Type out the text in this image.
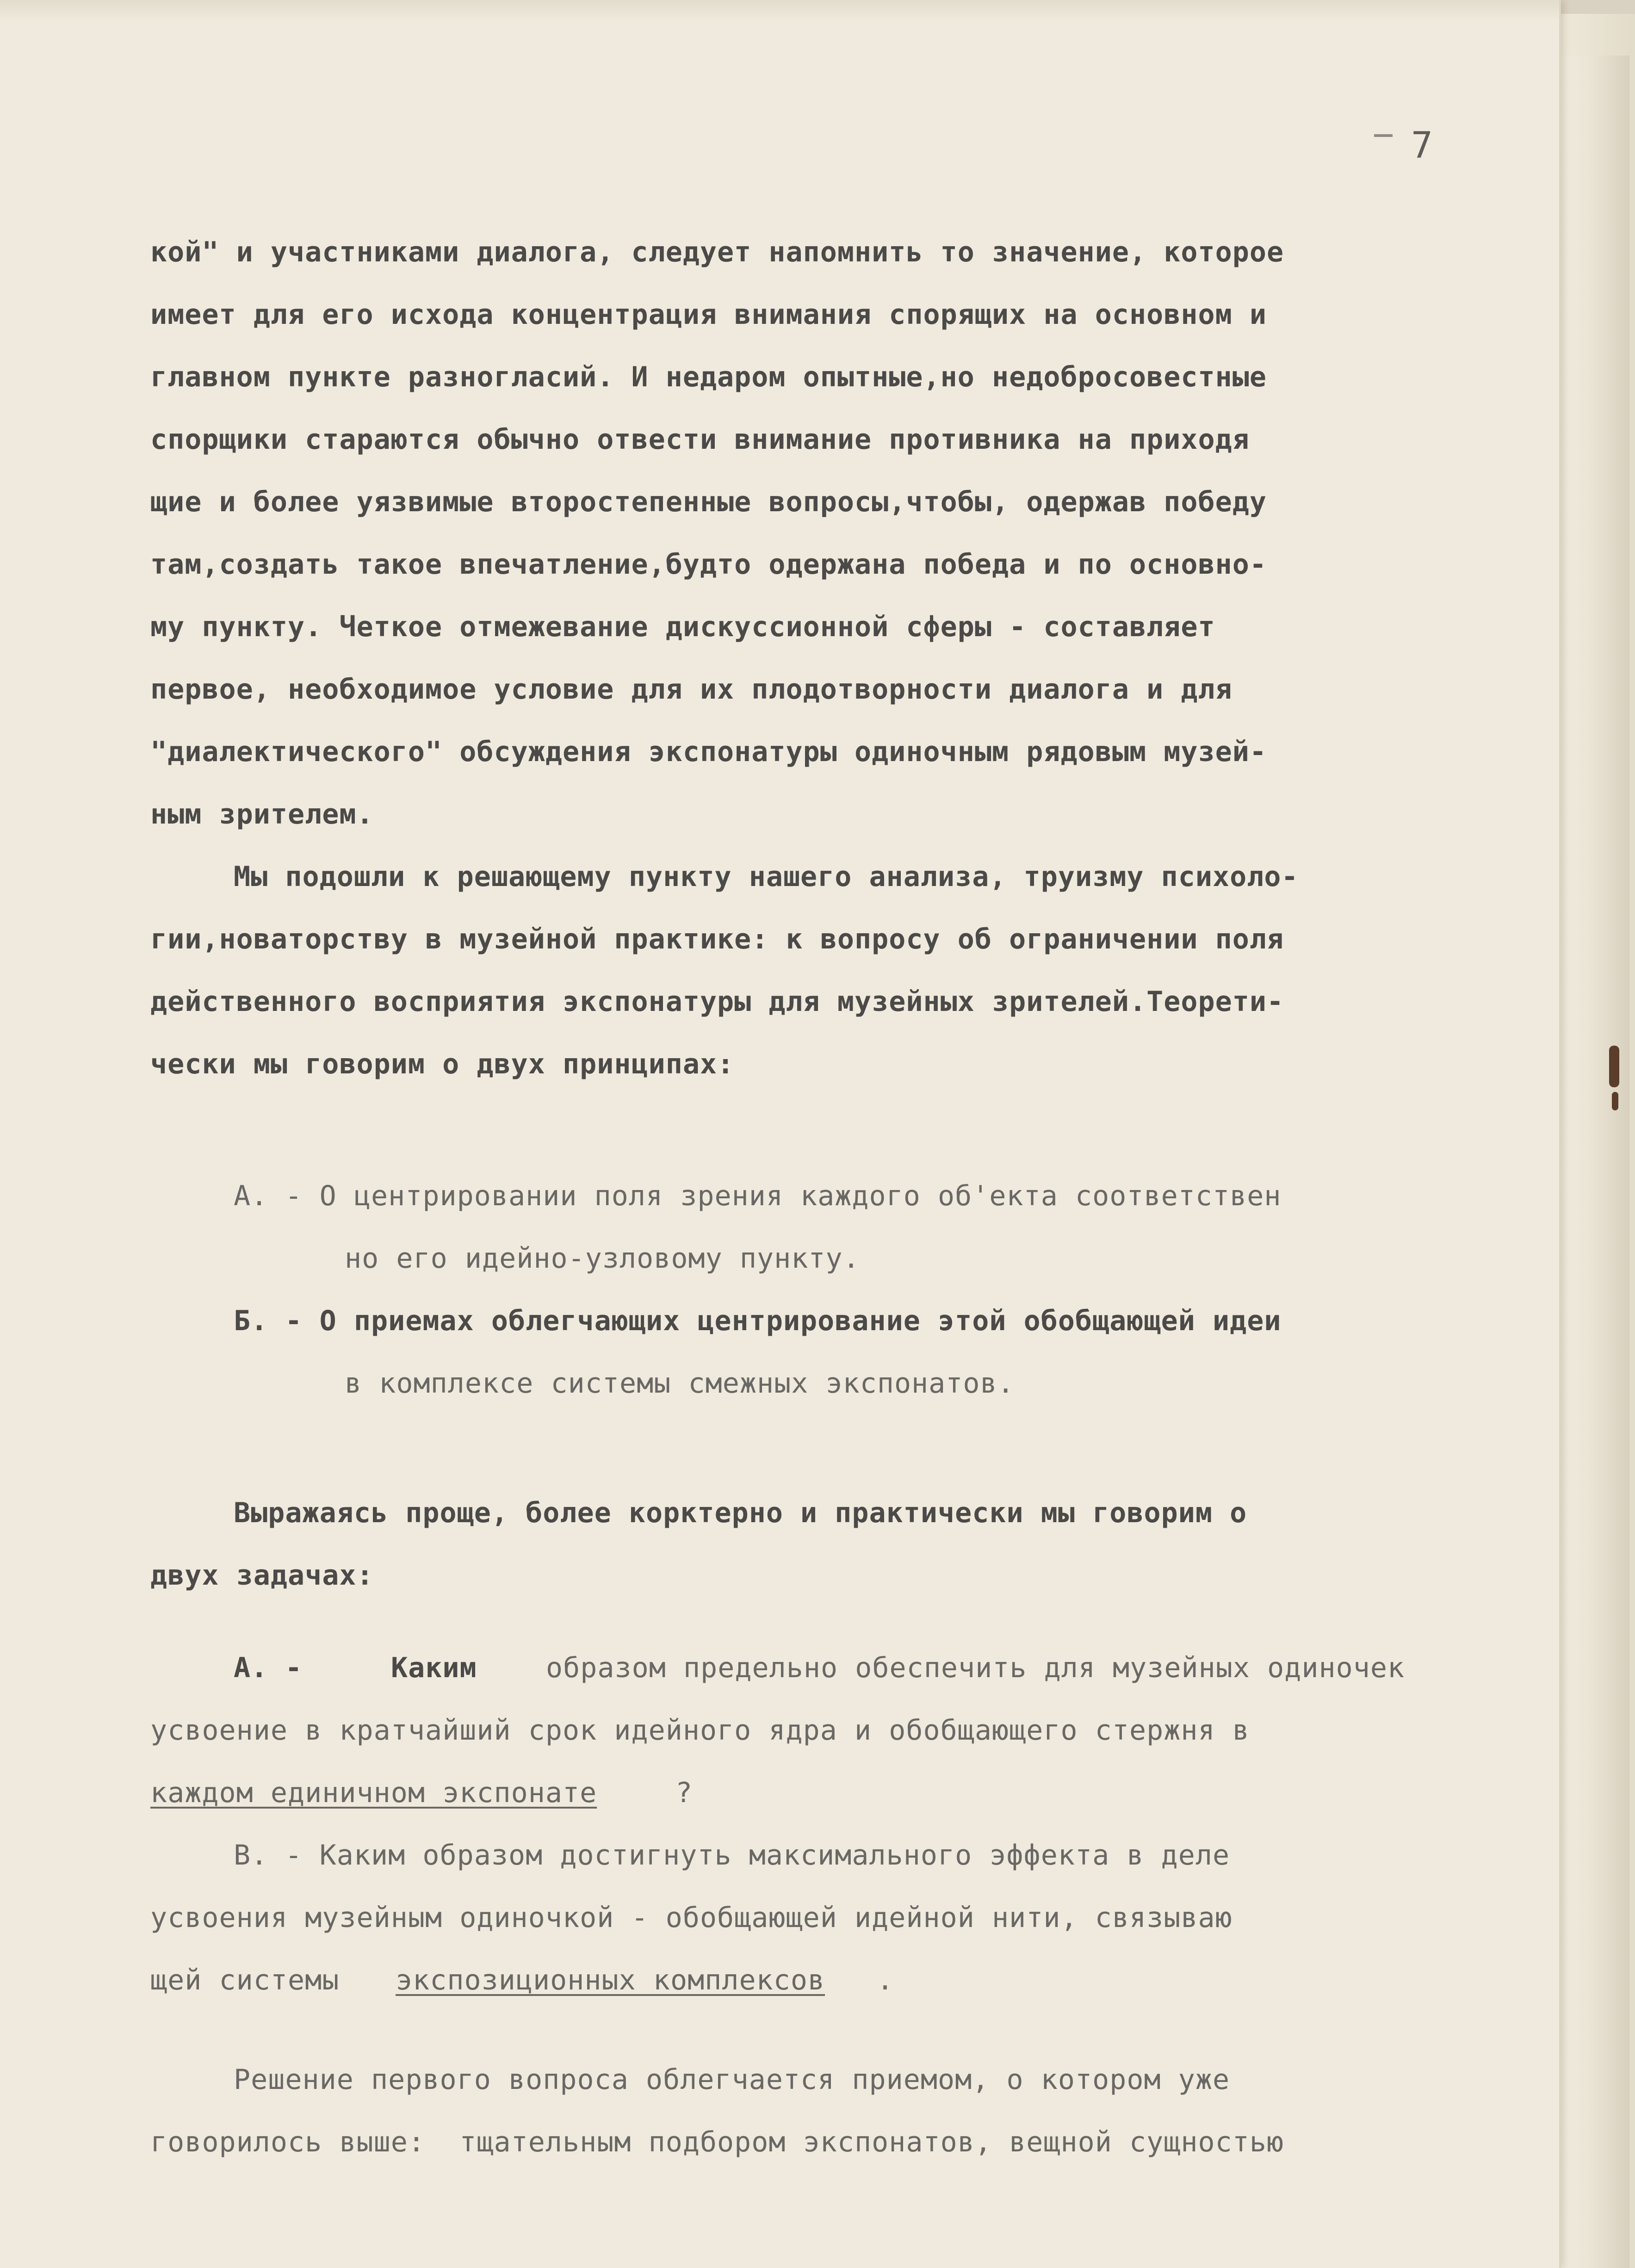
7
кой" и участниками диалога, следует напомнить то значение, которое
имеет для его исхода концентрация внимания спорящих на основном и
главном пункте разногласий. И недаром опытные,но недобросовестные
спорщики стараются обычно отвести внимание противника на приходя
щие и более уязвимые второстепенные вопросы,чтобы, одержав победу
там,создать такое впечатление,будто одержана победа и по основно-
му пункту. Четкое отмежевание дискуссионной сферы - составляет
первое, необходимое условие для их плодотворности диалога и для
"диалектического" обсуждения экспонатуры одиночным рядовым музей-
ным зрителем.
Мы подошли к решающему пункту нашего анализа, труизму психоло-
гии,новаторству в музейной практике: к вопросу об ограничении поля
действенного восприятия экспонатуры для музейных зрителей.Теорети-
чески мы говорим о двух принципах:
А. - О центрировании поля зрения каждого об'екта соответствен
но его идейно-узловому пункту.
Б. - О приемах облегчающих центрирование этой обобщающей идеи
в комплексе системы смежных экспонатов.
Выражаясь проще, более корктерно и практически мы говорим о
двух задачах:
А. -	Каким образом предельно обеспечить для музейных одиночек
усвоение в кратчайший срок идейного ядра и обобщающего стержня в
каждом единичном экспонате	?
В. - Каким образом достигнуть максимального эффекта в деле
усвоения музейным одиночкой - обобщающей идейной нити, связываю
щей системы экспозиционных комплексов .
Решение первого вопроса облегчается приемом, о котором уже
говорилось выше:  тщательным подбором экспонатов, вещной сущностью
